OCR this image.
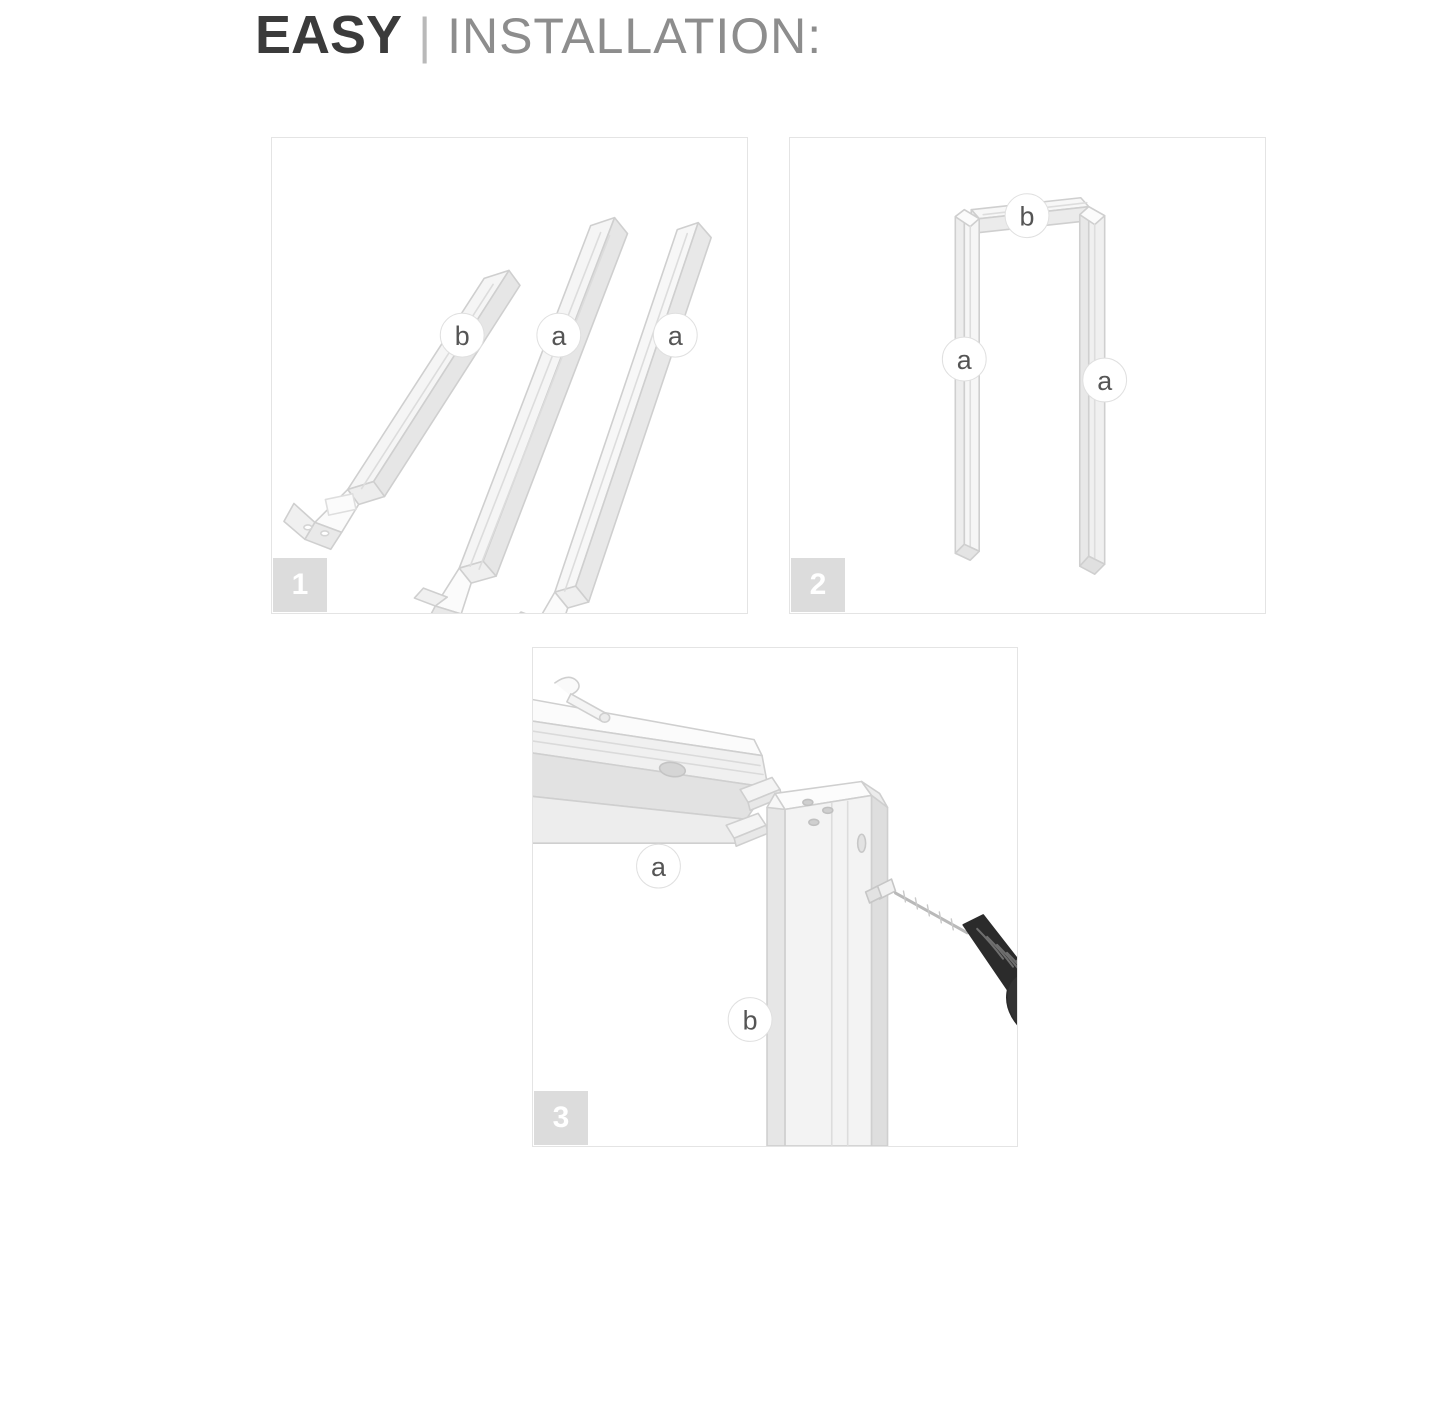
EASY | INSTALLATION:
b	a	a
1
b
a
a
2
a
b
3
